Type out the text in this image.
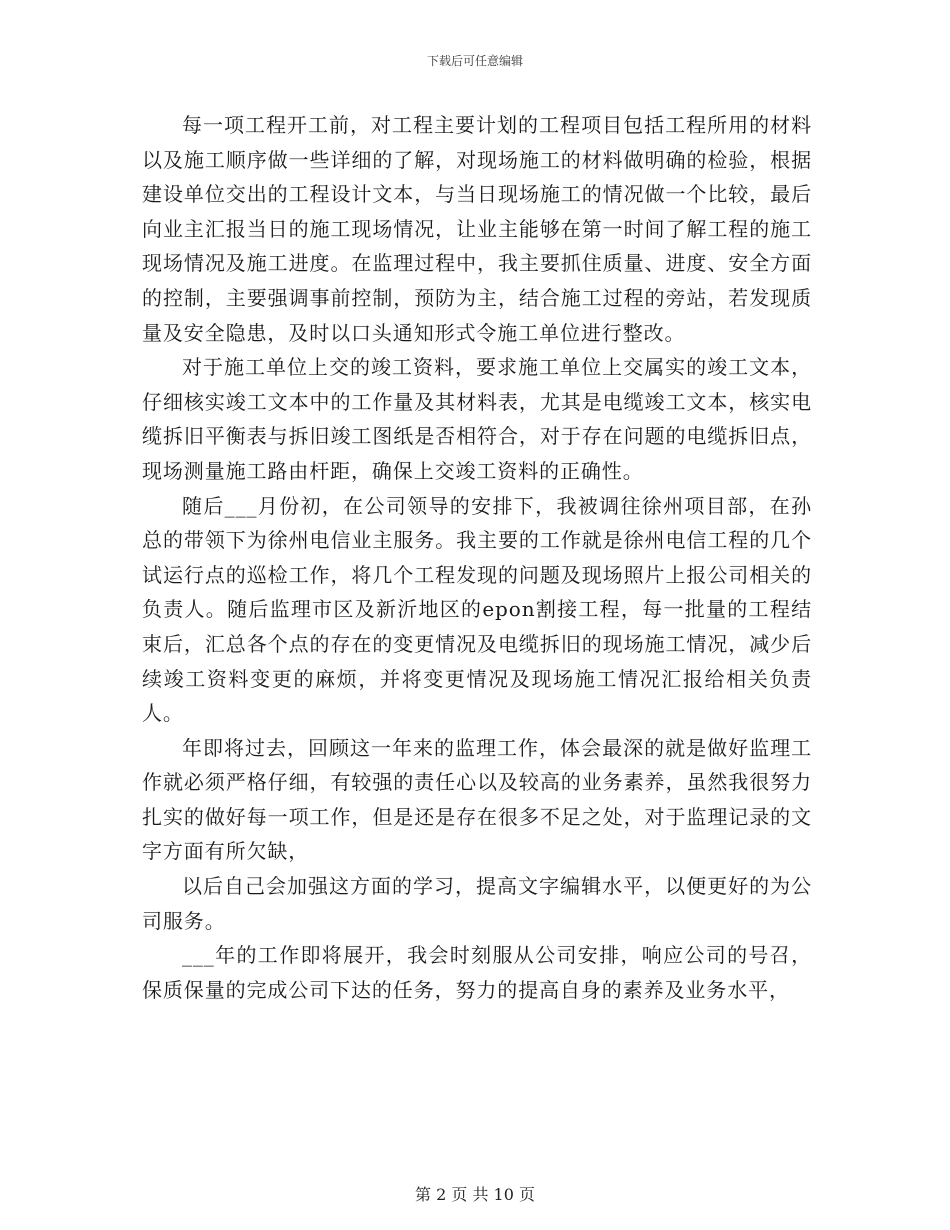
下载后可任意编辑

每一项工程开工前，对工程主要计划的工程项目包括工程所用的材料以及施工顺序做一些详细的了解，对现场施工的材料做明确的检验，根据建设单位交出的工程设计文本，与当日现场施工的情况做一个比较，最后向业主汇报当日的施工现场情况，让业主能够在第一时间了解工程的施工现场情况及施工进度。在监理过程中，我主要抓住质量、进度、安全方面的控制，主要强调事前控制，预防为主，结合施工过程的旁站，若发现质量及安全隐患，及时以口头通知形式令施工单位进行整改。

对于施工单位上交的竣工资料，要求施工单位上交属实的竣工文本，仔细核实竣工文本中的工作量及其材料表，尤其是电缆竣工文本，核实电缆拆旧平衡表与拆旧竣工图纸是否相符合，对于存在问题的电缆拆旧点，现场测量施工路由杆距，确保上交竣工资料的正确性。

随后___月份初，在公司领导的安排下，我被调往徐州项目部，在孙总的带领下为徐州电信业主服务。我主要的工作就是徐州电信工程的几个试运行点的巡检工作，将几个工程发现的问题及现场照片上报公司相关的负责人。随后监理市区及新沂地区的epon割接工程，每一批量的工程结束后，汇总各个点的存在的变更情况及电缆拆旧的现场施工情况，减少后续竣工资料变更的麻烦，并将变更情况及现场施工情况汇报给相关负责人。

年即将过去，回顾这一年来的监理工作，体会最深的就是做好监理工作就必须严格仔细，有较强的责任心以及较高的业务素养，虽然我很努力扎实的做好每一项工作，但是还是存在很多不足之处，对于监理记录的文字方面有所欠缺，

以后自己会加强这方面的学习，提高文字编辑水平，以便更好的为公司服务。

___年的工作即将展开，我会时刻服从公司安排，响应公司的号召，保质保量的完成公司下达的任务，努力的提高自身的素养及业务水平，

第 2 页 共 10 页
